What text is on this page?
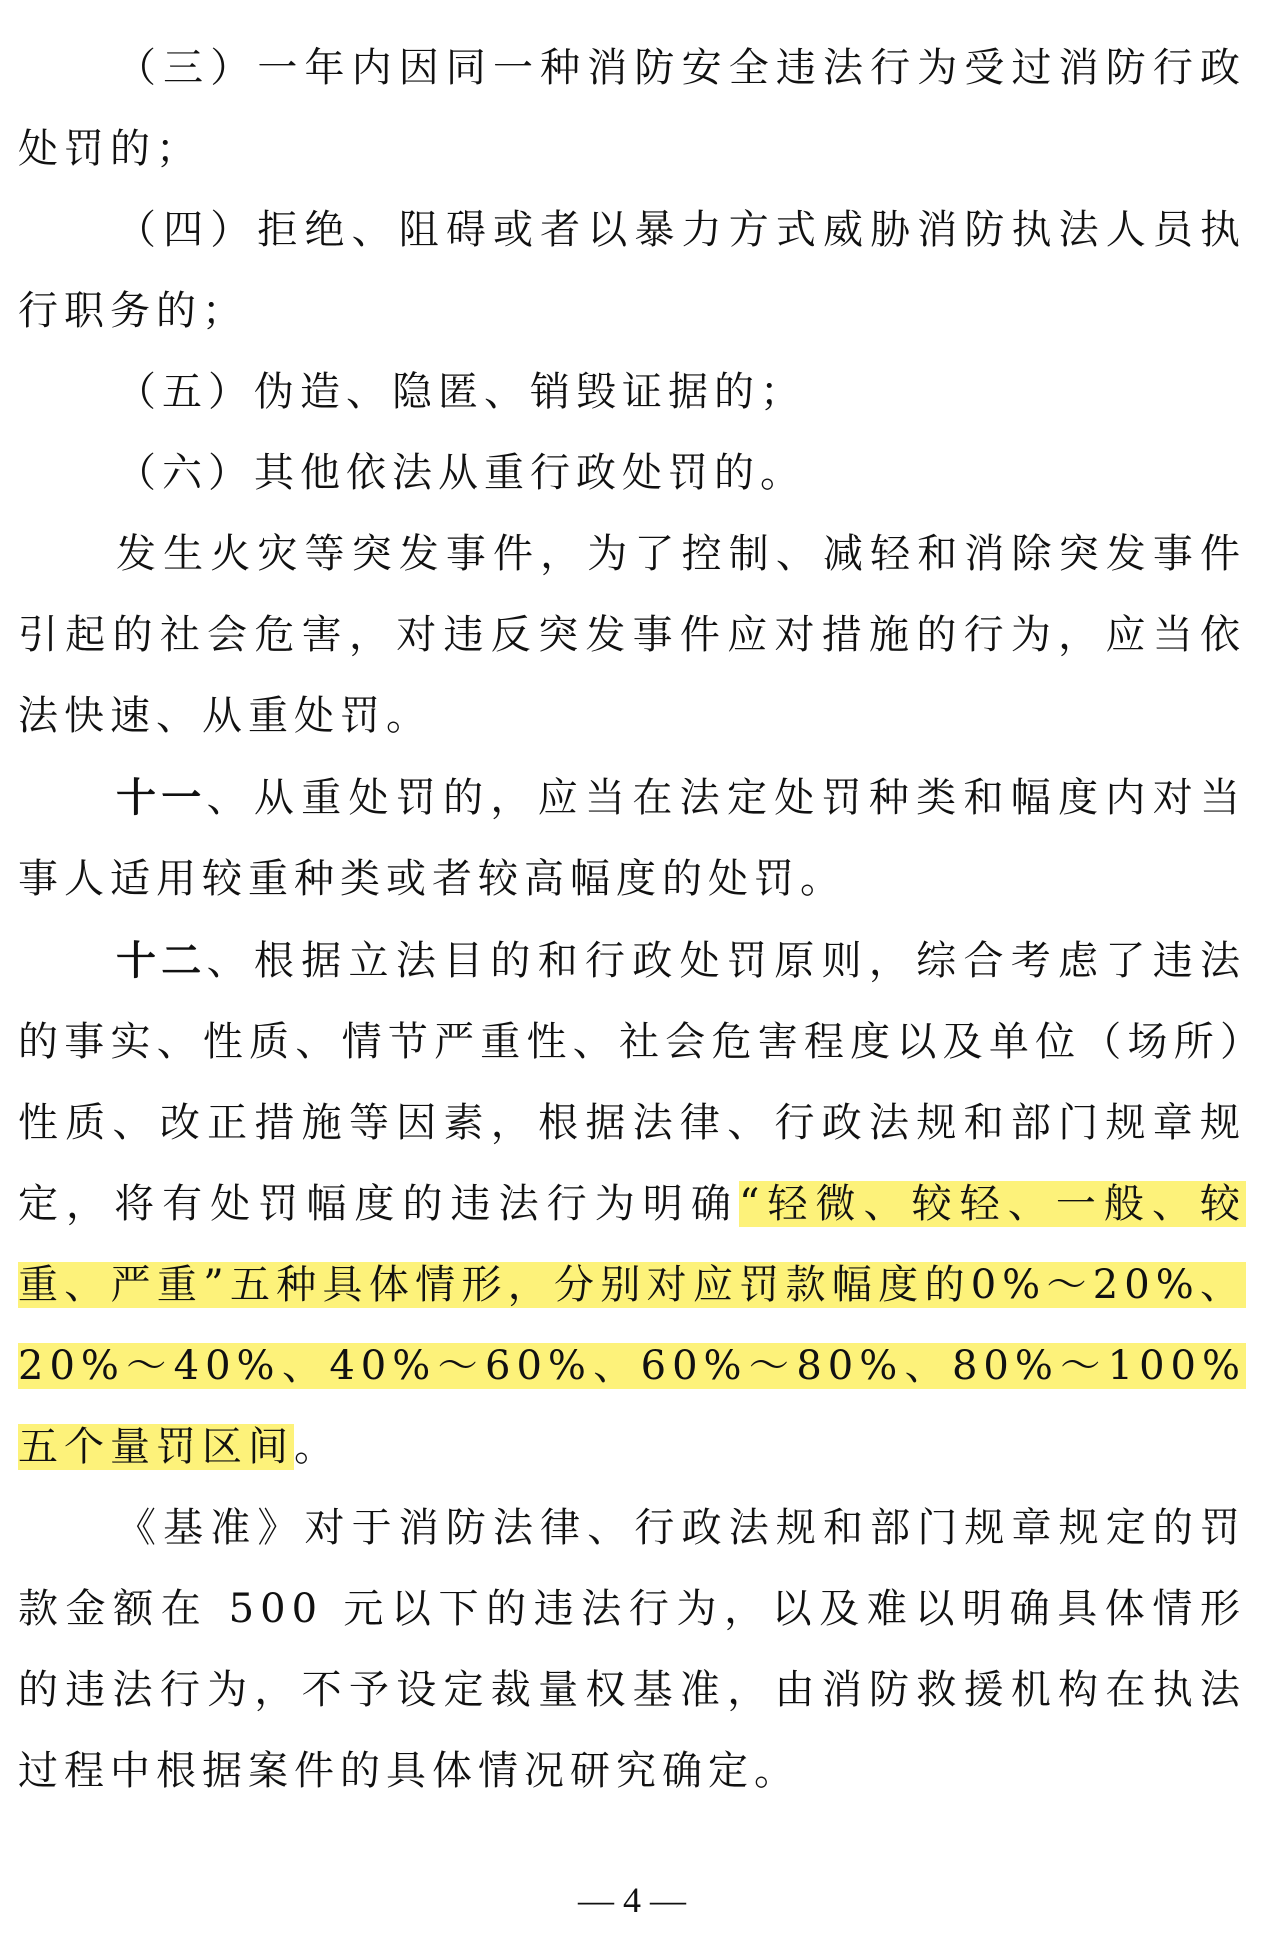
（三）一年内因同一种消防安全违法行为受过消防行政处罚的；

（四）拒绝、阻碍或者以暴力方式威胁消防执法人员执行职务的；

（五）伪造、隐匿、销毁证据的；

（六）其他依法从重行政处罚的。

发生火灾等突发事件，为了控制、减轻和消除突发事件引起的社会危害，对违反突发事件应对措施的行为，应当依法快速、从重处罚。

十一、从重处罚的，应当在法定处罚种类和幅度内对当事人适用较重种类或者较高幅度的处罚。

十二、根据立法目的和行政处罚原则，综合考虑了违法的事实、性质、情节严重性、社会危害程度以及单位（场所）性质、改正措施等因素，根据法律、行政法规和部门规章规定，将有处罚幅度的违法行为明确“轻微、较轻、一般、较重、严重”五种具体情形，分别对应罚款幅度的0%～20%、20%～40%、40%～60%、60%～80%、80%～100%五个量罚区间。

《基准》对于消防法律、行政法规和部门规章规定的罚款金额在 500 元以下的违法行为，以及难以明确具体情形的违法行为，不予设定裁量权基准，由消防救援机构在执法过程中根据案件的具体情况研究确定。

— 4 —
